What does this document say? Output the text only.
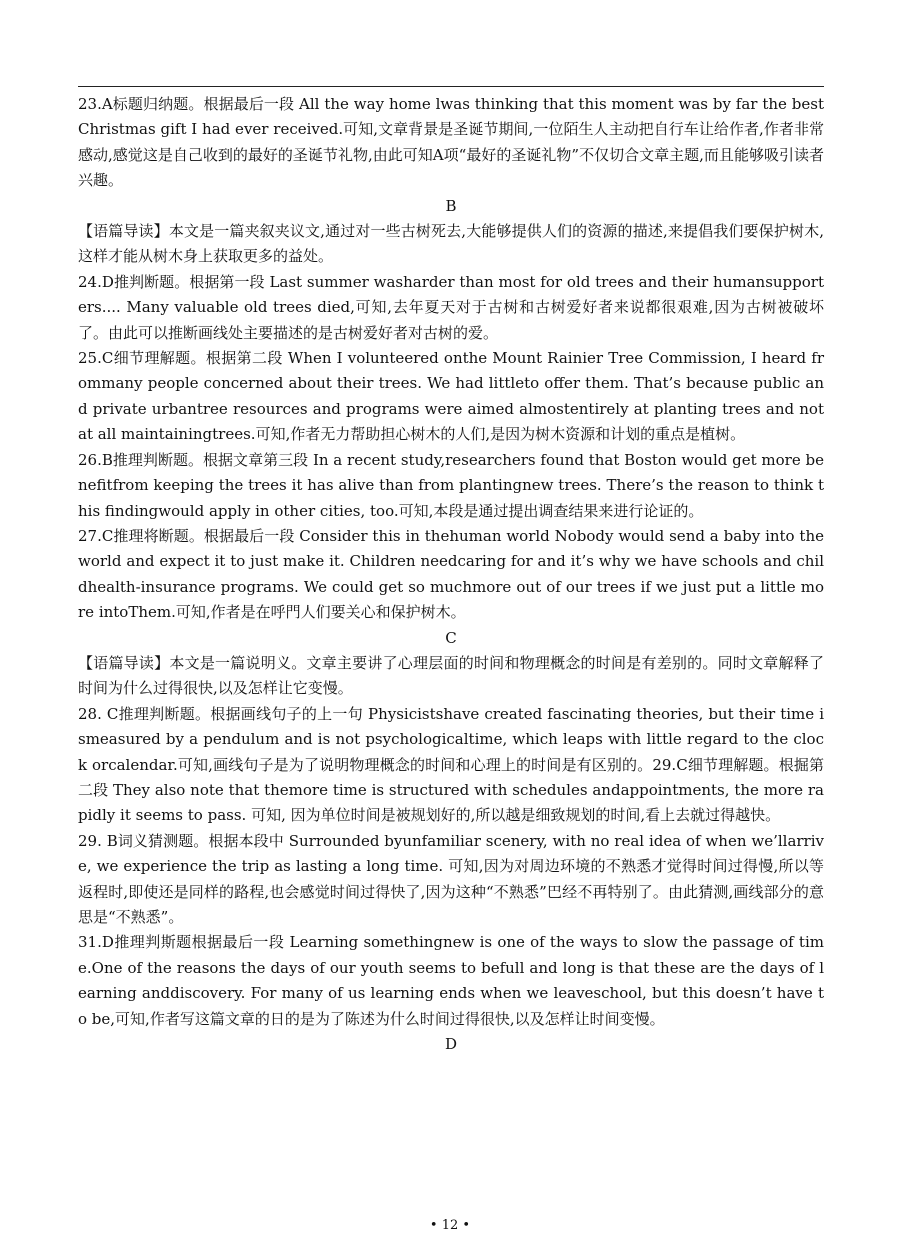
23.A标题归纳题。根据最后一段 All the way home lwas thinking that this moment was by far the bestChristmas gift I had ever received.可知,文章背景是圣诞节期间,一位陌生人主动把自行车让给作者,作者非常感动,感觉这是自己收到的最好的圣诞节礼物,由此可知A项“最好的圣诞礼物”不仅切合文章主题,而且能够吸引读者兴趣。

B

【语篇导读】本文是一篇夹叙夹议文,通过对一些古树死去,大能够提供人们的资源的描述,来提倡我们要保护树木,这样才能从树木身上获取更多的益处。

24.D推判断题。根据第一段 Last summer washarder than most for old trees and their humansupporters.... Many valuable old trees died,可知,去年夏天对于古树和古树爱好者来说都很艰难,因为古树被破坏了。由此可以推断画线处主要描述的是古树爱好者对古树的爱。

25.C细节理解题。根据第二段 When I volunteered onthe Mount Rainier Tree Commission, I heard frommany people concerned about their trees. We had littleto offer them. That’s because public and private urbantree resources and programs were aimed almostentirely at planting trees and not at all maintainingtrees.可知,作者无力帮助担心树木的人们,是因为树木资源和计划的重点是植树。

26.B推理判断题。根据文章第三段 In a recent study,researchers found that Boston would get more benefitfrom keeping the trees it has alive than from plantingnew trees. There’s the reason to think this findingwould apply in other cities, too.可知,本段是通过提出调查结果来进行论证的。

27.C推理将断题。根据最后一段 Consider this in thehuman world Nobody would send a baby into theworld and expect it to just make it. Children needcaring for and it’s why we have schools and childhealth-insurance programs. We could get so muchmore out of our trees if we just put a little more intoThem.可知,作者是在呼門人们要关心和保护树木。

C

【语篇导读】本文是一篇说明义。文章主要讲了心理层面的时间和物理概念的时间是有差别的。同时文章解释了时间为什么过得很快,以及怎样让它变慢。

28. C推理判断题。根据画线句子的上一句 Physicistshave created fascinating theories, but their time ismeasured by a pendulum and is not psychologicaltime, which leaps with little regard to the clock orcalendar.可知,画线句子是为了说明物理概念的时间和心理上的时间是有区别的。29.C细节理解题。根掘第二段 They also note that themore time is structured with schedules andappointments, the more rapidly it seems to pass. 可知, 因为单位时间是被规划好的,所以越是细致规划的时间,看上去就过得越快。

29. B词义猜测题。根据本段中 Surrounded byunfamiliar scenery, with no real idea of when we’llarrive, we experience the trip as lasting a long time. 可知,因为对周边环境的不熟悉才觉得时间过得慢,所以等返程时,即使还是同样的路程,也会感觉时间过得快了,因为这种“不熟悉”巴经不再特别了。由此猜测,画线部分的意思是“不熟悉”。

31.D推理判斯题根据最后一段 Learning somethingnew is one of the ways to slow the passage of time.One of the reasons the days of our youth seems to befull and long is that these are the days of learning anddiscovery. For many of us learning ends when we leaveschool, but this doesn’t have to be,可知,作者写这篇文章的日的是为了陈述为什么时间过得很快,以及怎样让时间变慢。

D

• 12 •
